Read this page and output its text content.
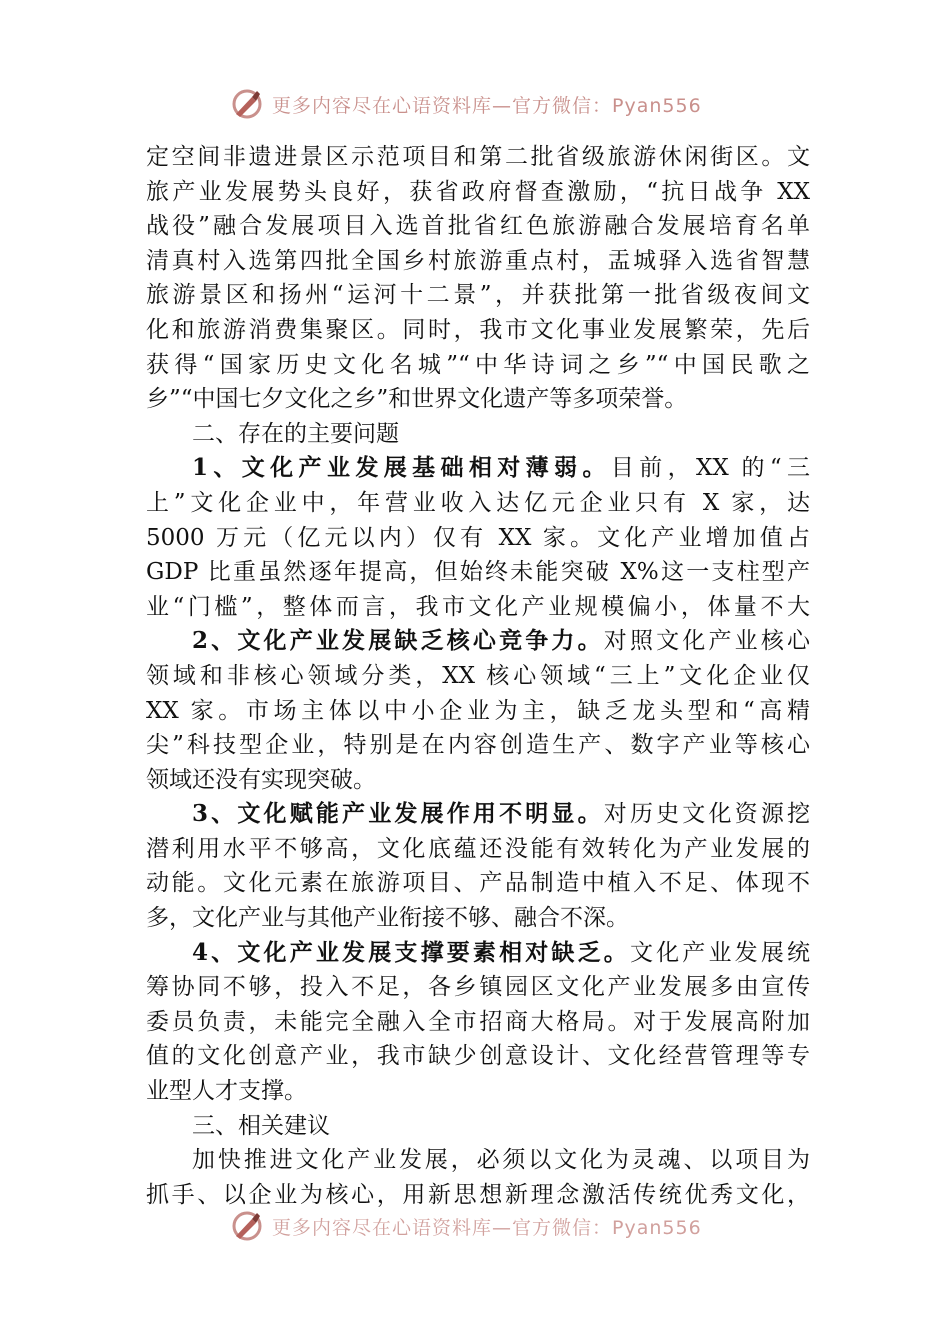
更多内容尽在心语资料库—官方微信：Pyan556
定空间非遗进景区示范项目和第二批省级旅游休闲街区。文
旅产业发展势头良好，获省政府督查激励，“抗日战争 XX
战役”融合发展项目入选首批省红色旅游融合发展培育名单
清真村入选第四批全国乡村旅游重点村，盂城驿入选省智慧
旅游景区和扬州“运河十二景”，并获批第一批省级夜间文
化和旅游消费集聚区。同时，我市文化事业发展繁荣，先后
获得“国家历史文化名城”“中华诗词之乡”“中国民歌之
乡”“中国七夕文化之乡”和世界文化遗产等多项荣誉。
二、存在的主要问题
1、文化产业发展基础相对薄弱。目前，XX 的“三
上”文化企业中，年营业收入达亿元企业只有 X 家，达
5000 万元（亿元以内）仅有 XX 家。文化产业增加值占
GDP 比重虽然逐年提高，但始终未能突破 X%这一支柱型产
业“门槛”，整体而言，我市文化产业规模偏小，体量不大
2、文化产业发展缺乏核心竞争力。对照文化产业核心
领域和非核心领域分类，XX 核心领域“三上”文化企业仅
XX 家。市场主体以中小企业为主，缺乏龙头型和“高精
尖”科技型企业，特别是在内容创造生产、数字产业等核心
领域还没有实现突破。
3、文化赋能产业发展作用不明显。对历史文化资源挖
潜利用水平不够高，文化底蕴还没能有效转化为产业发展的
动能。文化元素在旅游项目、产品制造中植入不足、体现不
多，文化产业与其他产业衔接不够、融合不深。
4、文化产业发展支撑要素相对缺乏。文化产业发展统
筹协同不够，投入不足，各乡镇园区文化产业发展多由宣传
委员负责，未能完全融入全市招商大格局。对于发展高附加
值的文化创意产业，我市缺少创意设计、文化经营管理等专
业型人才支撑。
三、相关建议
加快推进文化产业发展，必须以文化为灵魂、以项目为
抓手、以企业为核心，用新思想新理念激活传统优秀文化，
更多内容尽在心语资料库—官方微信：Pyan556
